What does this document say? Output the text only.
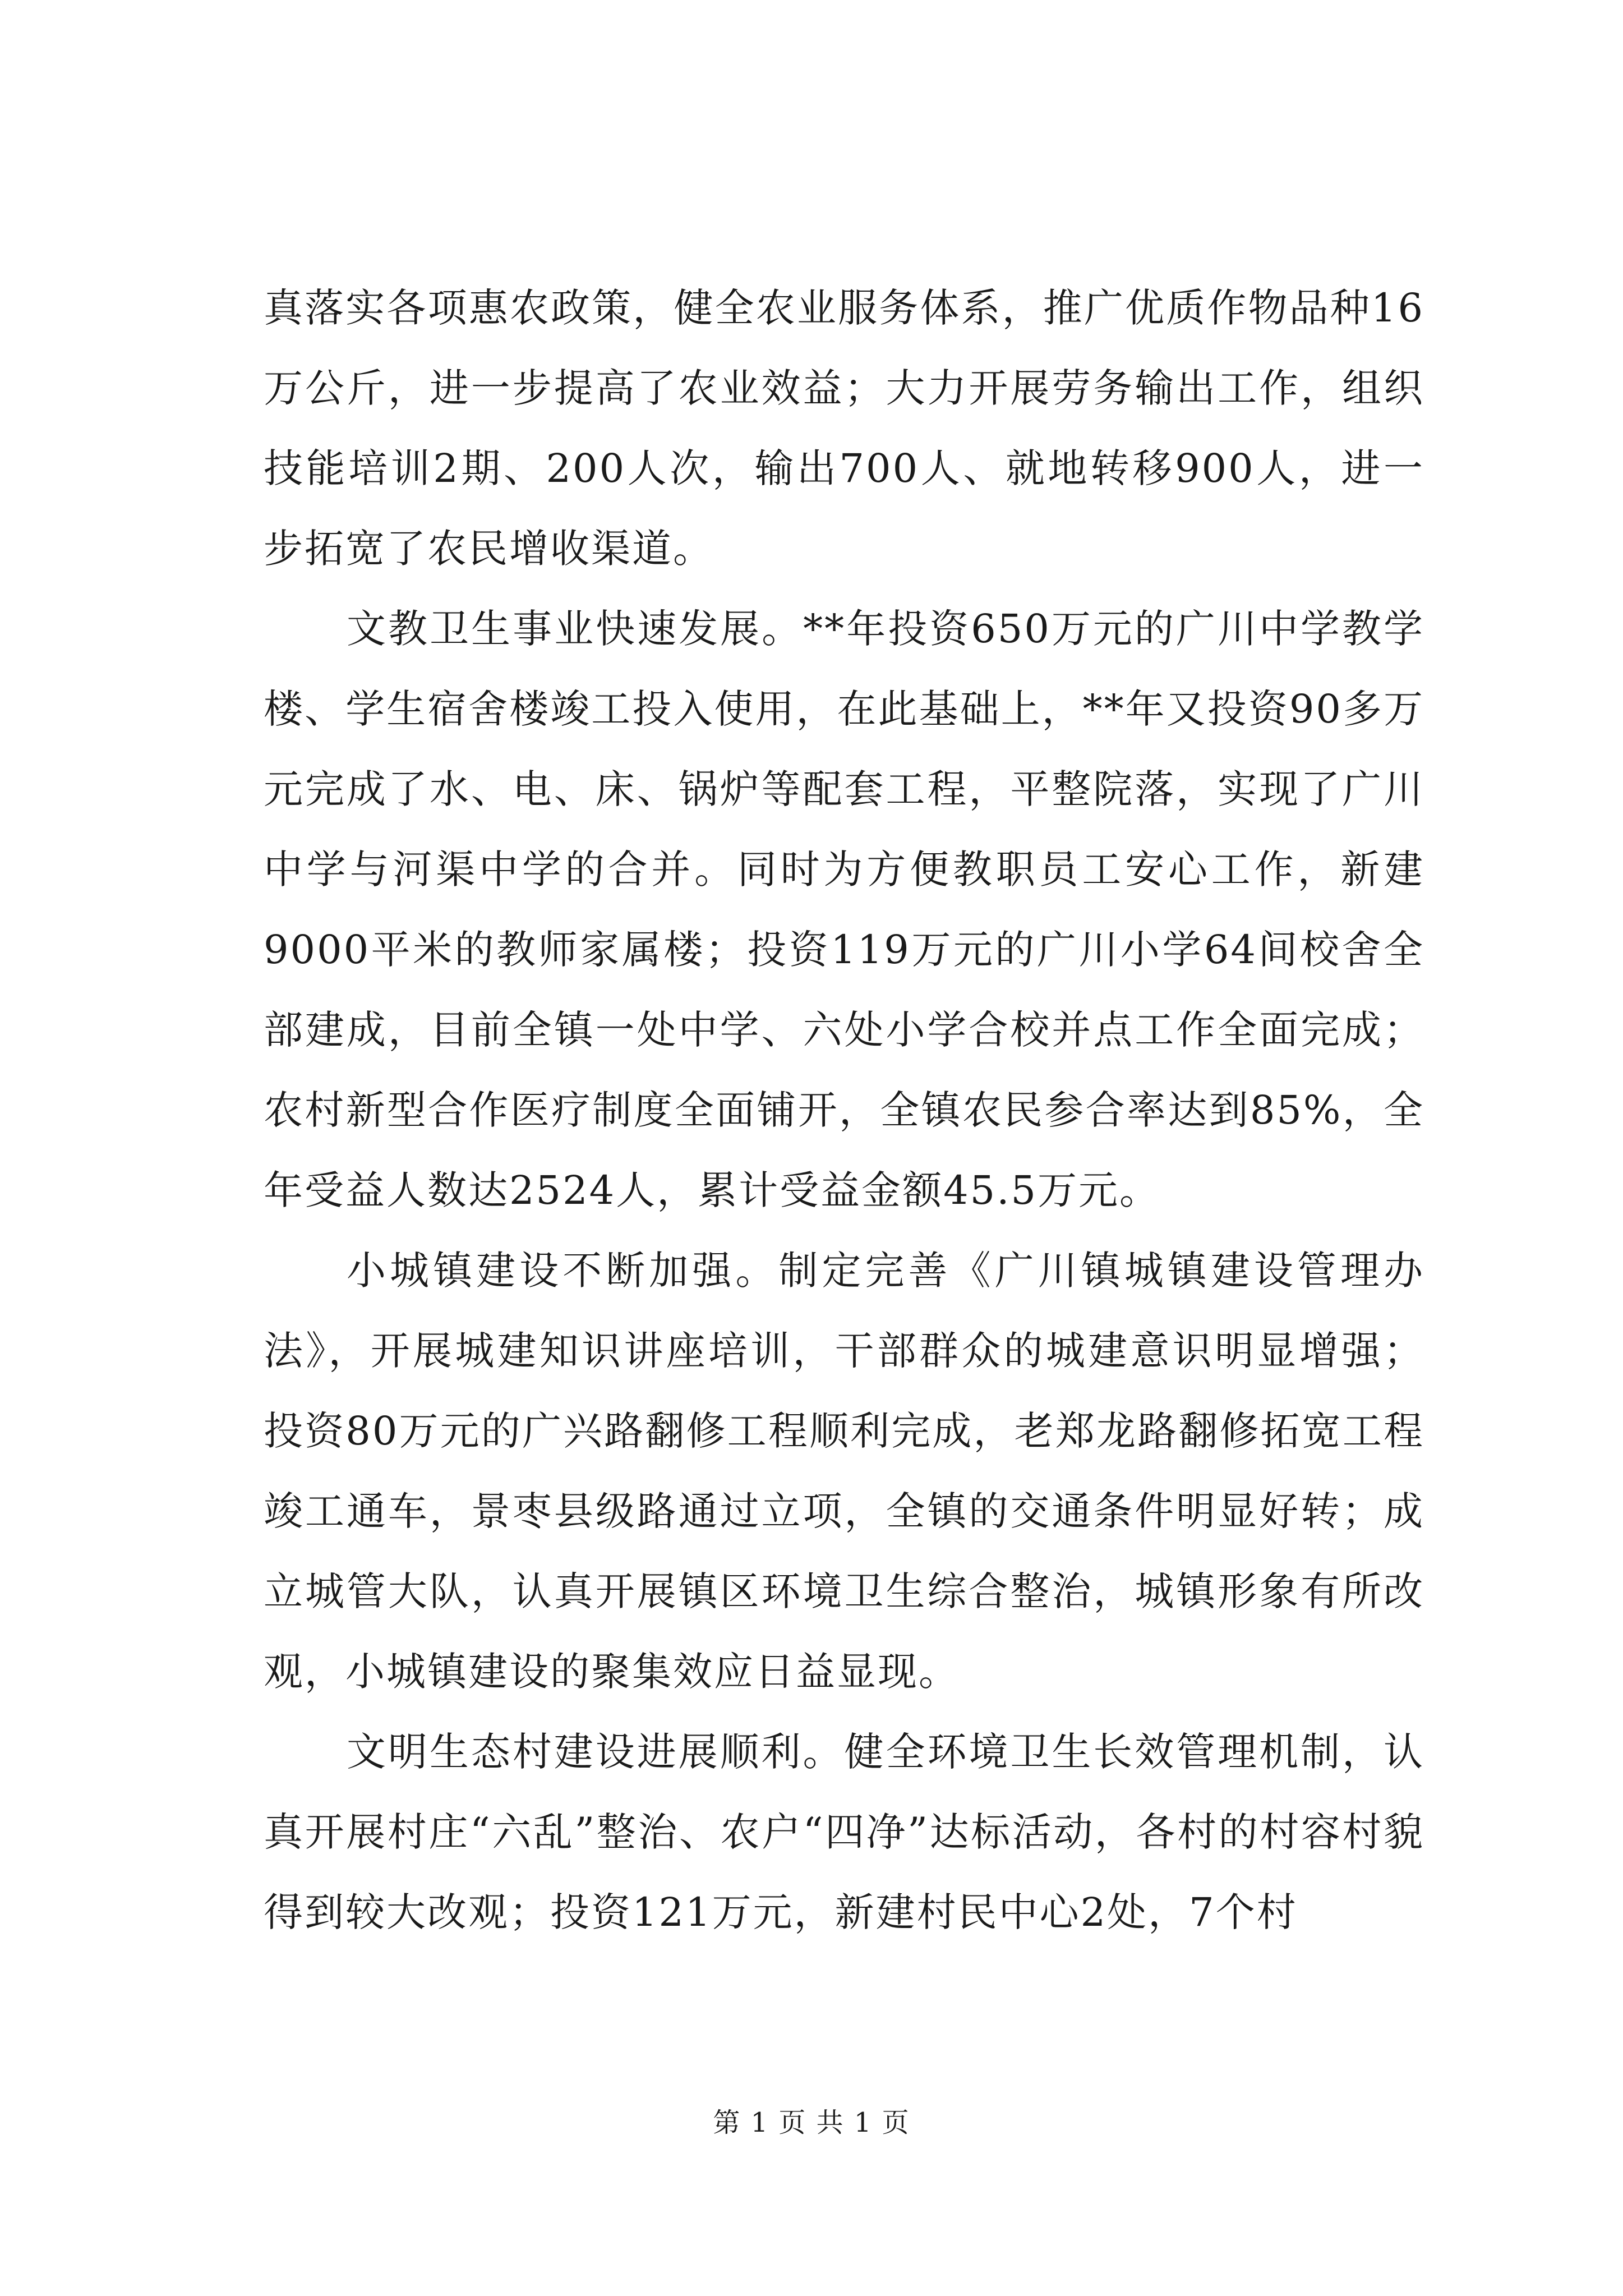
真落实各项惠农政策，健全农业服务体系，推广优质作物品种16万公斤，进一步提高了农业效益；大力开展劳务输出工作，组织技能培训2期、200人次，输出700人、就地转移900人，进一步拓宽了农民增收渠道。

文教卫生事业快速发展。**年投资650万元的广川中学教学楼、学生宿舍楼竣工投入使用，在此基础上，**年又投资90多万元完成了水、电、床、锅炉等配套工程，平整院落，实现了广川中学与河渠中学的合并。同时为方便教职员工安心工作，新建9000平米的教师家属楼；投资119万元的广川小学64间校舍全部建成，目前全镇一处中学、六处小学合校并点工作全面完成；农村新型合作医疗制度全面铺开，全镇农民参合率达到85%，全年受益人数达2524人，累计受益金额45.5万元。

小城镇建设不断加强。制定完善《广川镇城镇建设管理办法》，开展城建知识讲座培训，干部群众的城建意识明显增强；投资80万元的广兴路翻修工程顺利完成，老郑龙路翻修拓宽工程竣工通车，景枣县级路通过立项，全镇的交通条件明显好转；成立城管大队，认真开展镇区环境卫生综合整治，城镇形象有所改观，小城镇建设的聚集效应日益显现。

文明生态村建设进展顺利。健全环境卫生长效管理机制，认真开展村庄“六乱”整治、农户“四净”达标活动，各村的村容村貌得到较大改观；投资121万元，新建村民中心2处，7个村

第 1 页 共 1 页
